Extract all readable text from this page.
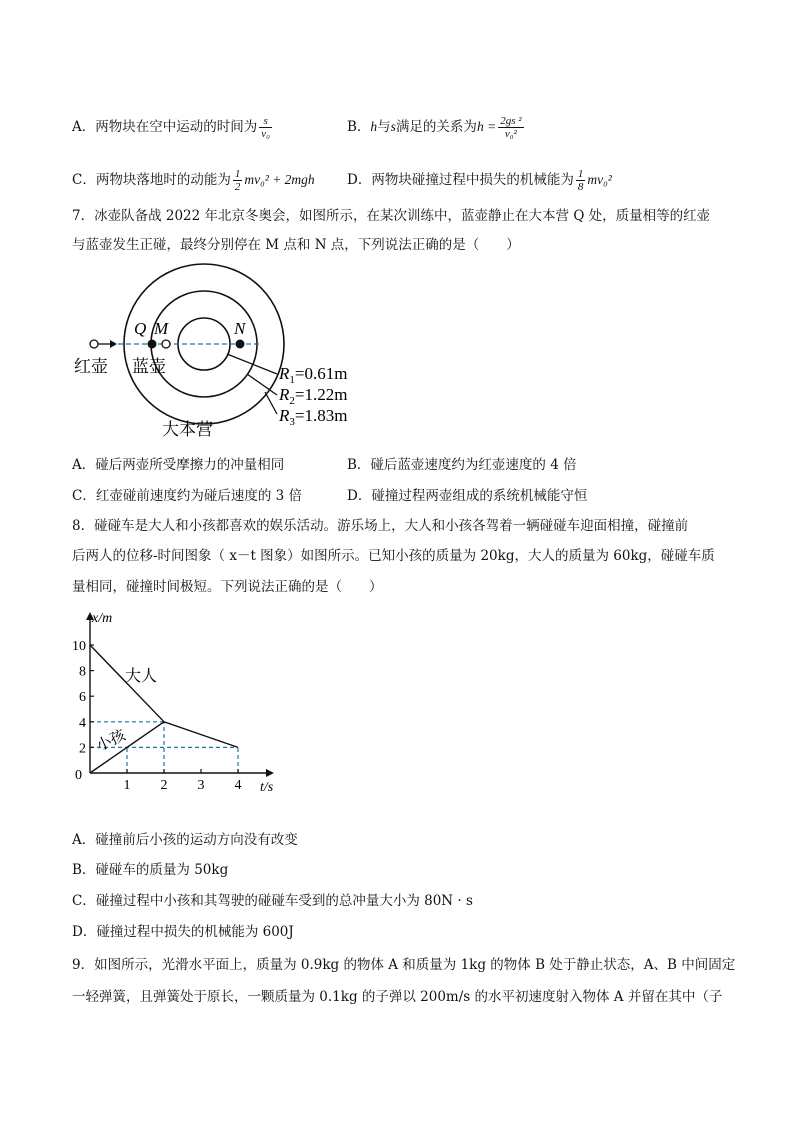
A．两物块在空中运动的时间为 $\frac{s}{\text{v₀}}$	B．h与s满足的关系为$h = \frac{\text{2gs ²}}{\text{v₀²}}$
C．两物块落地时的动能为 $\frac{1}{2} mv_0^2 + 2mgh$ D．两物块碰撞过程中损失的机械能为 $\frac{1}{8} mv_0^2$
7．冰壶队备战 2022 年北京冬奥会，如图所示，在某次训练中，蓝壶静止在大本营 Q 处，质量相等的红壶
与蓝壶发生正碰，最终分别停在 M 点和 N 点，下列说法正确的是（　　）
Q M	N
红壶 蓝壶
大本营
$R_1=0.61m$
$R_2=1.22m$
$R_3=1.83m$
A．碰后两壶所受摩擦力的冲量相同	B．碰后蓝壶速度约为红壶速度的 4 倍
C．红壶碰前速度约为碰后速度的 3 倍	D．碰撞过程两壶组成的系统机械能守恒
8．碰碰车是大人和小孩都喜欢的娱乐活动。游乐场上，大人和小孩各驾着一辆碰碰车迎面相撞，碰撞前
后两人的位移-时间图象（ x－t 图象）如图所示。已知小孩的质量为 20kg，大人的质量为 60kg，碰碰车质
量相同，碰撞时间极短。下列说法正确的是（　　）
1 2 3 4
2
4
6
8
10
0
x/m
t/s
大人
小孩
A．碰撞前后小孩的运动方向没有改变
B．碰碰车的质量为 50kg
C．碰撞过程中小孩和其驾驶的碰碰车受到的总冲量大小为 80N · s
D．碰撞过程中损失的机械能为 600J
9．如图所示，光滑水平面上，质量为 0.9kg 的物体 A 和质量为 1kg 的物体 B 处于静止状态，A、B 中间固定
一轻弹簧，且弹簧处于原长，一颗质量为 0.1kg 的子弹以 200m/s 的水平初速度射入物体 A 并留在其中（子
